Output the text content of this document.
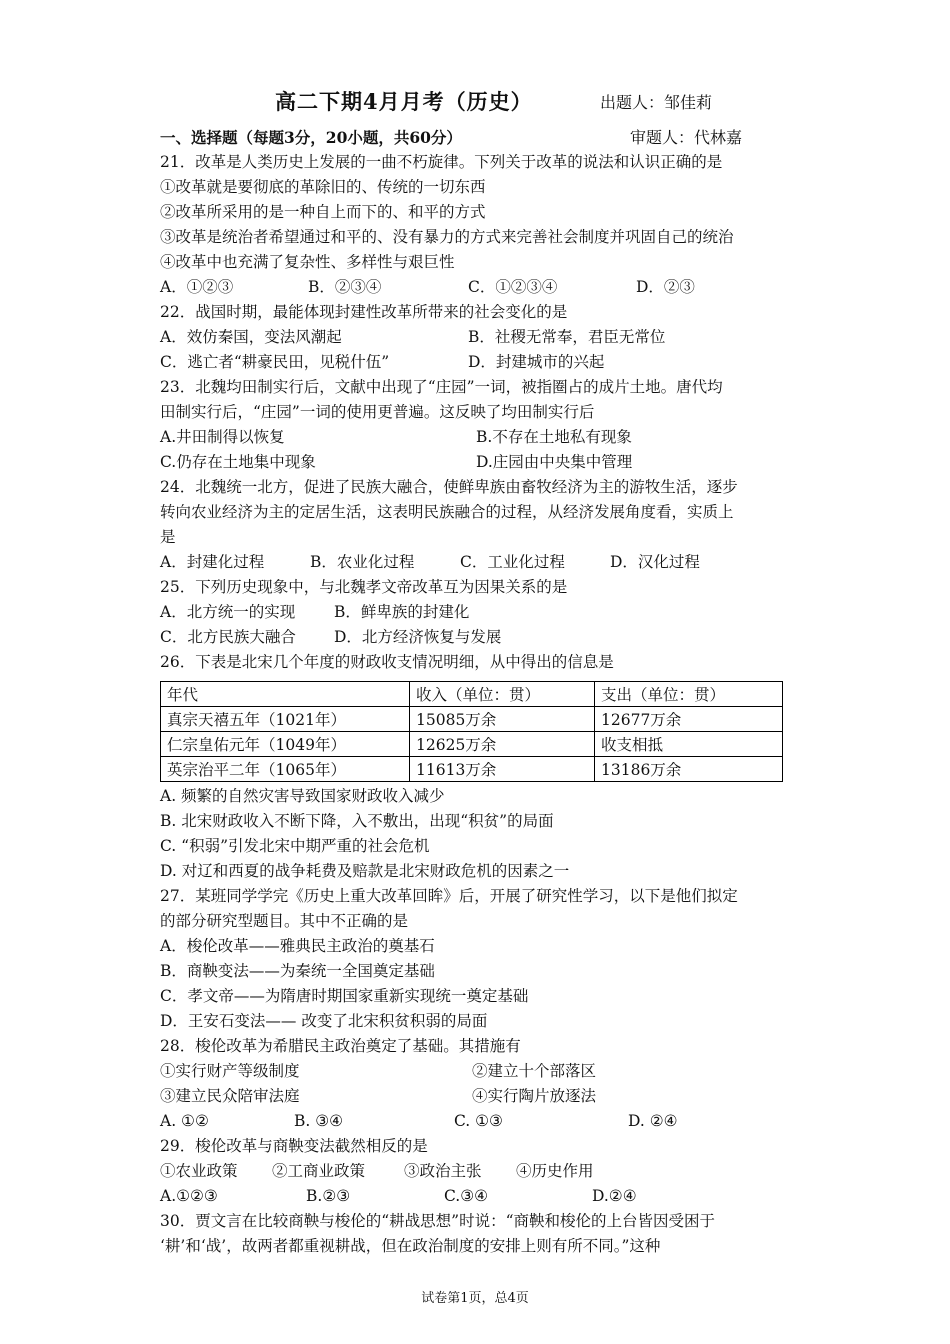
高二下期4月月考（历史）	出题人：邹佳莉
一、选择题（每题3分，20小题，共60分）	审题人：代林嘉
21．改革是人类历史上发展的一曲不朽旋律。下列关于改革的说法和认识正确的是
①改革就是要彻底的革除旧的、传统的一切东西
②改革所采用的是一种自上而下的、和平的方式
③改革是统治者希望通过和平的、没有暴力的方式来完善社会制度并巩固自己的统治
④改革中也充满了复杂性、多样性与艰巨性
A．①②③	B．②③④	C．①②③④	D．②③
22．战国时期，最能体现封建性改革所带来的社会变化的是
A．效仿秦国，变法风潮起	B．社稷无常奉，君臣无常位
C．逃亡者“耕豪民田，见税什伍”	D．封建城市的兴起
23．北魏均田制实行后，文献中出现了“庄园”一词，被指圈占的成片土地。唐代均
田制实行后，“庄园”一词的使用更普遍。这反映了均田制实行后
A.井田制得以恢复	B.不存在土地私有现象
C.仍存在土地集中现象	D.庄园由中央集中管理
24．北魏统一北方，促进了民族大融合，使鲜卑族由畜牧经济为主的游牧生活，逐步
转向农业经济为主的定居生活，这表明民族融合的过程，从经济发展角度看，实质上
是
A．封建化过程	B．农业化过程	C．工业化过程	D．汉化过程
25．下列历史现象中，与北魏孝文帝改革互为因果关系的是
A．北方统一的实现	B．鲜卑族的封建化
C．北方民族大融合 D．北方经济恢复与发展
26．下表是北宋几个年度的财政收支情况明细，从中得出的信息是
年代	收入（单位：贯）	支出（单位：贯）
真宗天禧五年（1021年）	15085万余	12677万余
仁宗皇佑元年（1049年）	12625万余	收支相抵
英宗治平二年（1065年）	11613万余	13186万余
A. 频繁的自然灾害导致国家财政收入减少
B. 北宋财政收入不断下降，入不敷出，出现“积贫”的局面
C. “积弱”引发北宋中期严重的社会危机
D. 对辽和西夏的战争耗费及赔款是北宋财政危机的因素之一
27．某班同学学完《历史上重大改革回眸》后，开展了研究性学习，以下是他们拟定
的部分研究型题目。其中不正确的是
A．梭伦改革——雅典民主政治的奠基石
B．商鞅变法——为秦统一全国奠定基础
C．孝文帝——为隋唐时期国家重新实现统一奠定基础
D．王安石变法—— 改变了北宋积贫积弱的局面
28．梭伦改革为希腊民主政治奠定了基础。其措施有
①实行财产等级制度	②建立十个部落区
③建立民众陪审法庭	④实行陶片放逐法
A. ①②	B. ③④	C. ①③	D. ②④
29．梭伦改革与商鞅变法截然相反的是
①农业政策 ②工商业政策	③政治主张 ④历史作用
A.①②③	B.②③	C.③④	D.②④
30．贾文言在比较商鞅与梭伦的“耕战思想”时说：“商鞅和梭伦的上台皆因受困于
‘耕’和‘战’，故两者都重视耕战，但在政治制度的安排上则有所不同。”这种
试卷第1页，总4页
